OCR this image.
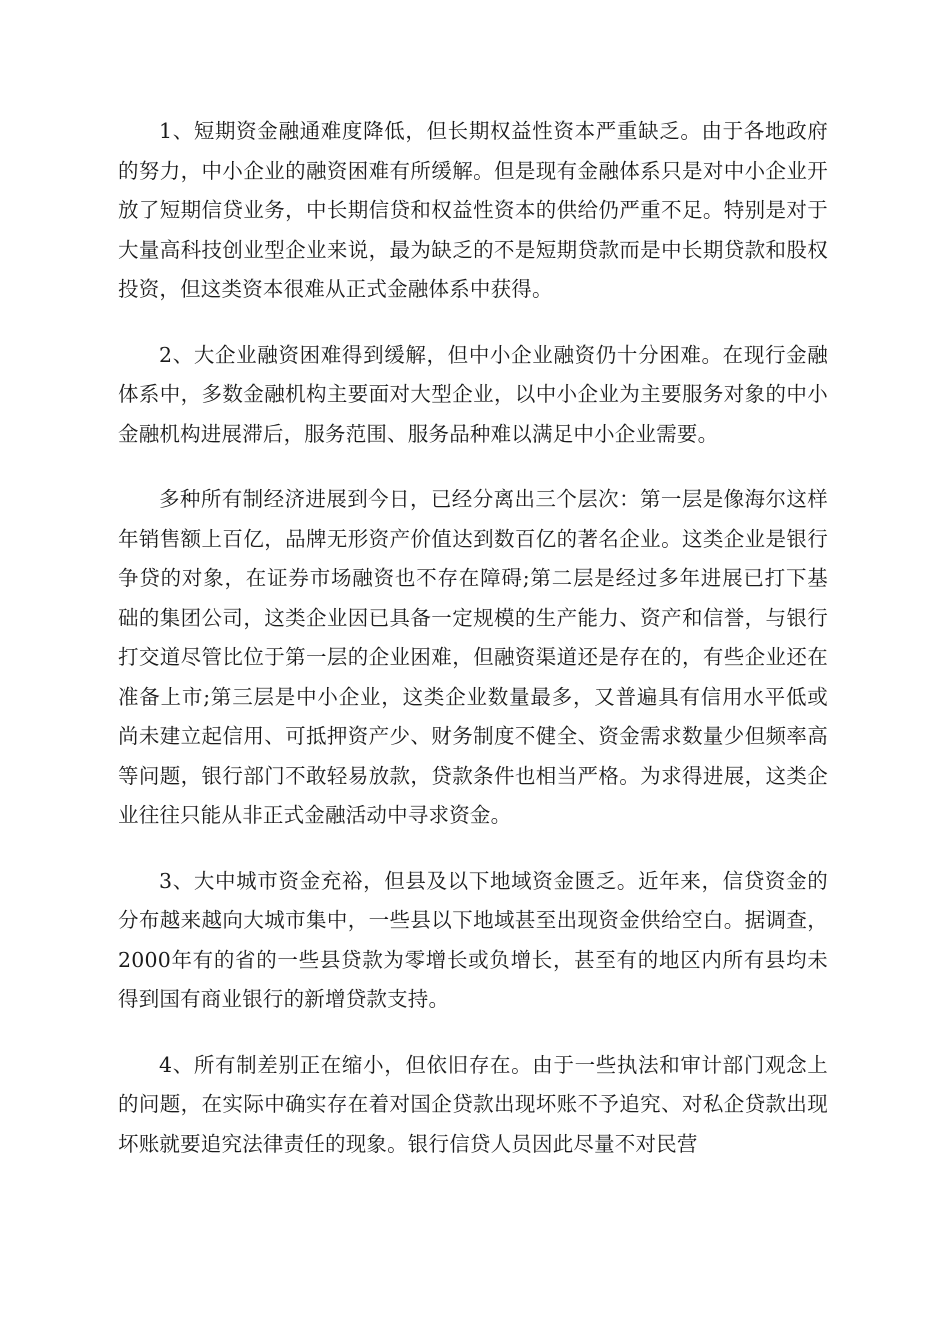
1、短期资金融通难度降低，但长期权益性资本严重缺乏。由于各地政府的努力，中小企业的融资困难有所缓解。但是现有金融体系只是对中小企业开放了短期信贷业务，中长期信贷和权益性资本的供给仍严重不足。特别是对于大量高科技创业型企业来说，最为缺乏的不是短期贷款而是中长期贷款和股权投资，但这类资本很难从正式金融体系中获得。

2、大企业融资困难得到缓解，但中小企业融资仍十分困难。在现行金融体系中，多数金融机构主要面对大型企业，以中小企业为主要服务对象的中小金融机构进展滞后，服务范围、服务品种难以满足中小企业需要。

多种所有制经济进展到今日，已经分离出三个层次：第一层是像海尔这样年销售额上百亿，品牌无形资产价值达到数百亿的著名企业。这类企业是银行争贷的对象，在证券市场融资也不存在障碍;第二层是经过多年进展已打下基础的集团公司，这类企业因已具备一定规模的生产能力、资产和信誉，与银行打交道尽管比位于第一层的企业困难，但融资渠道还是存在的，有些企业还在准备上市;第三层是中小企业，这类企业数量最多，又普遍具有信用水平低或尚未建立起信用、可抵押资产少、财务制度不健全、资金需求数量少但频率高等问题，银行部门不敢轻易放款，贷款条件也相当严格。为求得进展，这类企业往往只能从非正式金融活动中寻求资金。

3、大中城市资金充裕，但县及以下地域资金匮乏。近年来，信贷资金的分布越来越向大城市集中，一些县以下地域甚至出现资金供给空白。据调查，2000年有的省的一些县贷款为零增长或负增长，甚至有的地区内所有县均未得到国有商业银行的新增贷款支持。

4、所有制差别正在缩小，但依旧存在。由于一些执法和审计部门观念上的问题，在实际中确实存在着对国企贷款出现坏账不予追究、对私企贷款出现坏账就要追究法律责任的现象。银行信贷人员因此尽量不对民营
